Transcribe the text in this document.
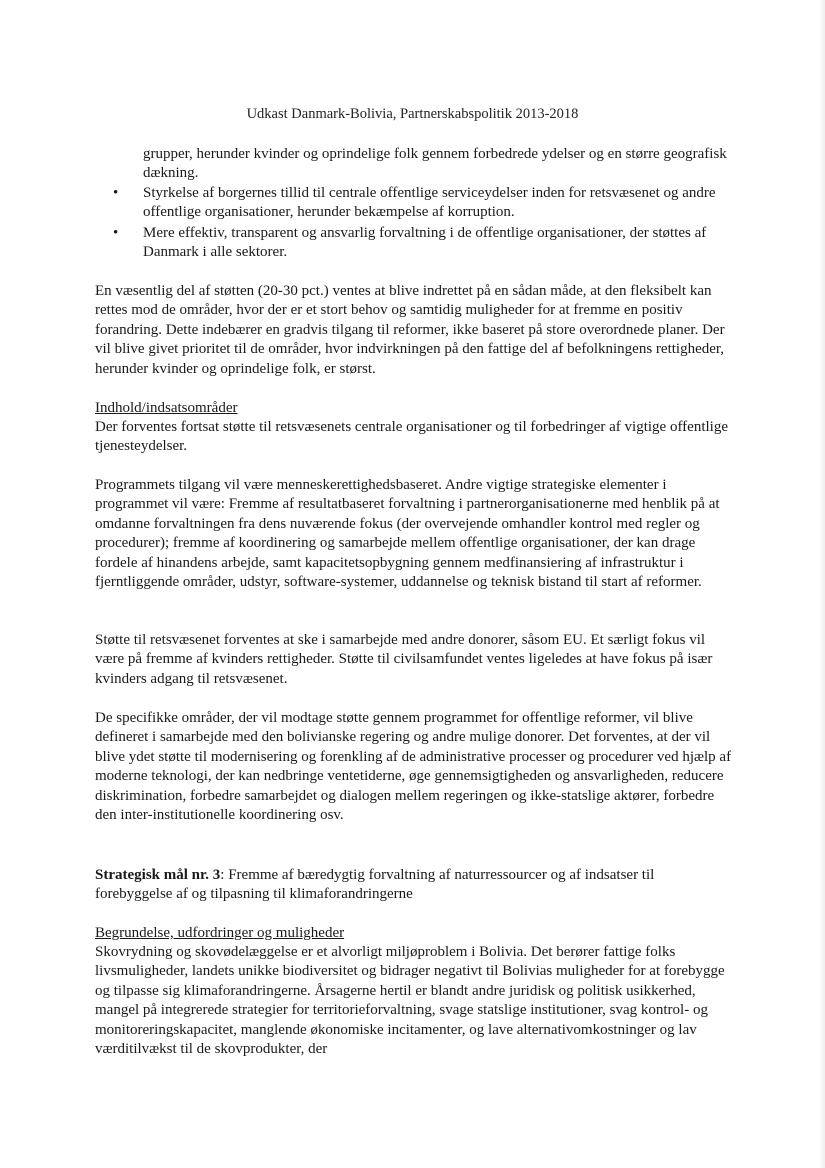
Udkast Danmark-Bolivia, Partnerskabspolitik 2013-2018

grupper, herunder kvinder og oprindelige folk gennem forbedrede ydelser og en større geografisk dækning.

•	Styrkelse af borgernes tillid til centrale offentlige serviceydelser inden for retsvæsenet og andre offentlige organisationer, herunder bekæmpelse af korruption.
•	Mere effektiv, transparent og ansvarlig forvaltning i de offentlige organisationer, der støttes af Danmark i alle sektorer.

En væsentlig del af støtten (20-30 pct.) ventes at blive indrettet på en sådan måde, at den fleksibelt kan rettes mod de områder, hvor der er et stort behov og samtidig muligheder for at fremme en positiv forandring. Dette indebærer en gradvis tilgang til reformer, ikke baseret på store overordnede planer. Der vil blive givet prioritet til de områder, hvor indvirkningen på den fattige del af befolkningens rettigheder, herunder kvinder og oprindelige folk, er størst.

Indhold/indsatsområder

Der forventes fortsat støtte til retsvæsenets centrale organisationer og til forbedringer af vigtige offentlige tjenesteydelser.

Programmets tilgang vil være menneskerettighedsbaseret. Andre vigtige strategiske elementer i programmet vil være: Fremme af resultatbaseret forvaltning i partnerorganisationerne med henblik på at omdanne forvaltningen fra dens nuværende fokus (der overvejende omhandler kontrol med regler og procedurer); fremme af koordinering og samarbejde mellem offentlige organisationer, der kan drage fordele af hinandens arbejde, samt kapacitetsopbygning gennem medfinansiering af infrastruktur i fjerntliggende områder, udstyr, software-systemer, uddannelse og teknisk bistand til start af reformer.

Støtte til retsvæsenet forventes at ske i samarbejde med andre donorer, såsom EU. Et særligt fokus vil være på fremme af kvinders rettigheder. Støtte til civilsamfundet ventes ligeledes at have fokus på især kvinders adgang til retsvæsenet.

De specifikke områder, der vil modtage støtte gennem programmet for offentlige reformer, vil blive defineret i samarbejde med den bolivianske regering og andre mulige donorer. Det forventes, at der vil blive ydet støtte til modernisering og forenkling af de administrative processer og procedurer ved hjælp af moderne teknologi, der kan nedbringe ventetiderne, øge gennemsigtigheden og ansvarligheden, reducere diskrimination, forbedre samarbejdet og dialogen mellem regeringen og ikke-statslige aktører, forbedre den inter-institutionelle koordinering osv.

Strategisk mål nr. 3: Fremme af bæredygtig forvaltning af naturressourcer og af indsatser til forebyggelse af og tilpasning til klimaforandringerne

Begrundelse, udfordringer og muligheder

Skovrydning og skovødelæggelse er et alvorligt miljøproblem i Bolivia. Det berører fattige folks livsmuligheder, landets unikke biodiversitet og bidrager negativt til Bolivias muligheder for at forebygge og tilpasse sig klimaforandringerne. Årsagerne hertil er blandt andre juridisk og politisk usikkerhed, mangel på integrerede strategier for territorieforvaltning, svage statslige institutioner, svag kontrol- og monitoreringskapacitet, manglende økonomiske incitamenter, og lave alternativomkostninger og lav værditilvækst til de skovprodukter, der
